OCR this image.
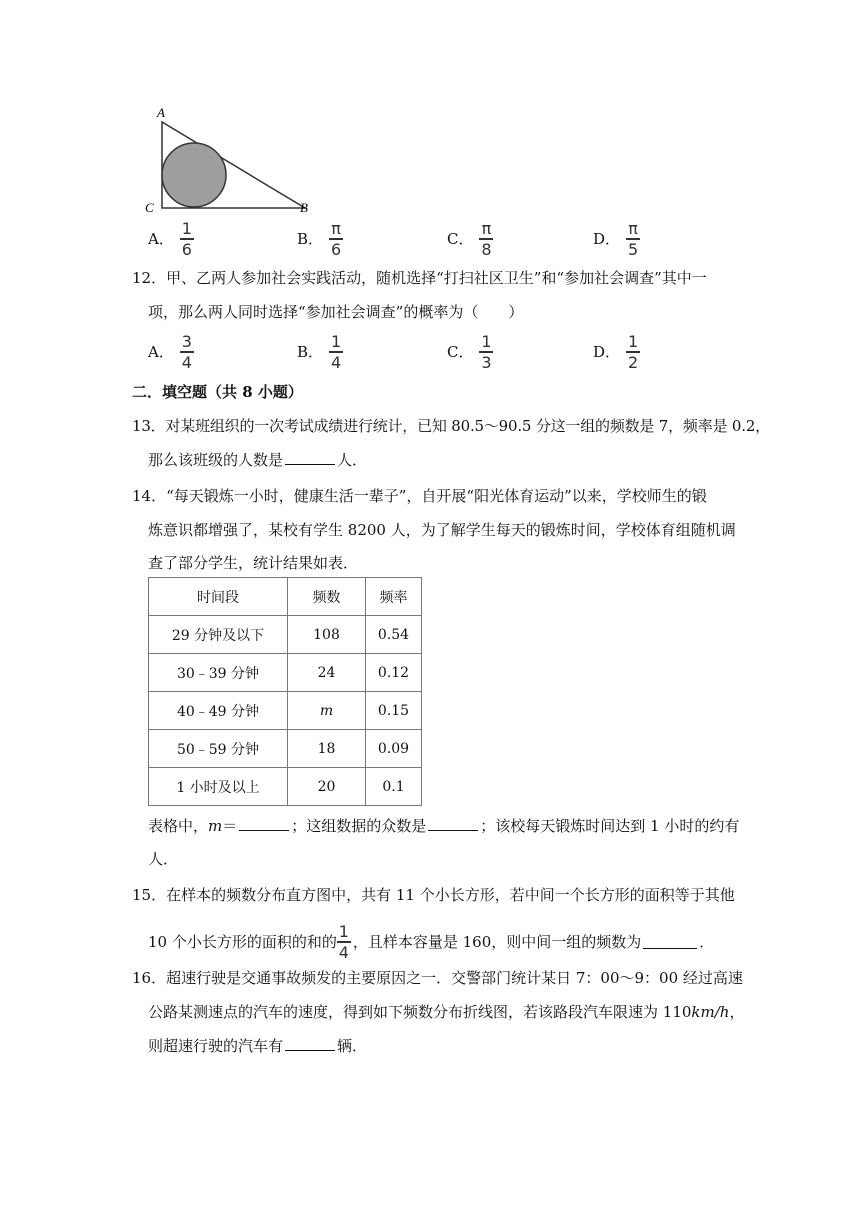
A
C	B
A． $\frac{1}{6}$	B． $\frac{\pi}{6}$	C． $\frac{\pi}{8}$	D． $\frac{\pi}{5}$
12．甲、乙两人参加社会实践活动，随机选择“打扫社区卫生”和“参加社会调查”其中一
项，那么两人同时选择“参加社会调查”的概率为（　　）
A． $\frac{3}{4}$	B． $\frac{1}{4}$	C． $\frac{1}{3}$	D． $\frac{1}{2}$
二．填空题（共 8 小题）
13．对某班组织的一次考试成绩进行统计，已知 80.5～90.5 分这一组的频数是 7，频率是 0.2，
那么该班级的人数是	人．
14．“每天锻炼一小时，健康生活一辈子”，自开展“阳光体育运动”以来，学校师生的锻
炼意识都增强了，某校有学生 8200 人，为了解学生每天的锻炼时间，学校体育组随机调
查了部分学生，统计结果如表．
时间段	频数	频率
29 分钟及以下	108	0.54
30﹣39 分钟	24	0.12
40﹣49 分钟	m	0.15
50﹣59 分钟	18	0.09
1 小时及以上	20	0.1
表格中，m＝	；这组数据的众数是	；该校每天锻炼时间达到 1 小时的约有
人．
15．在样本的频数分布直方图中，共有 11 个小长方形，若中间一个长方形的面积等于其他
10 个小长方形的面积的和的 $\frac{1}{4}$ ，且样本容量是 160，则中间一组的频数为	．
16．超速行驶是交通事故频发的主要原因之一．交警部门统计某日 7：00～9：00 经过高速
公路某测速点的汽车的速度，得到如下频数分布折线图，若该路段汽车限速为 110km/h，
则超速行驶的汽车有	辆．
